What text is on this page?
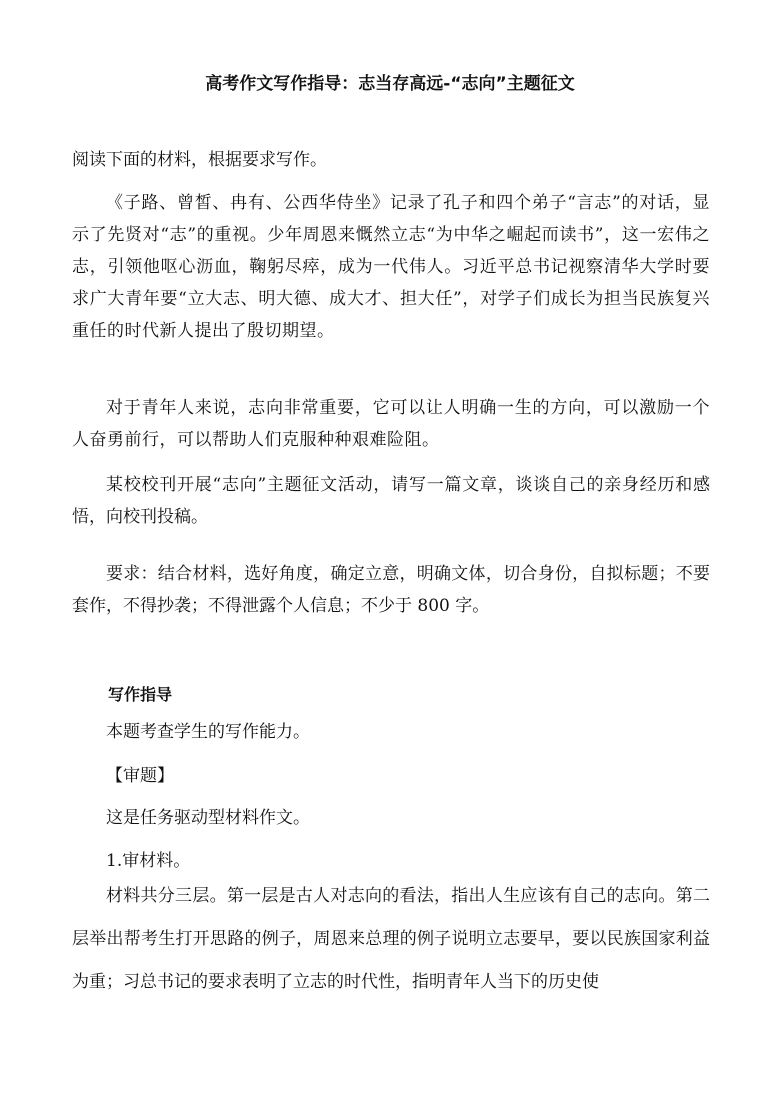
高考作文写作指导：志当存高远-“志向”主题征文
阅读下面的材料，根据要求写作。
《子路、曾皙、冉有、公西华侍坐》记录了孔子和四个弟子“言志”的对话，显示了先贤对“志”的重视。少年周恩来慨然立志“为中华之崛起而读书”，这一宏伟之志，引领他呕心沥血，鞠躬尽瘁，成为一代伟人。习近平总书记视察清华大学时要求广大青年要“立大志、明大德、成大才、担大任”，对学子们成长为担当民族复兴重任的时代新人提出了殷切期望。
对于青年人来说，志向非常重要，它可以让人明确一生的方向，可以激励一个人奋勇前行，可以帮助人们克服种种艰难险阻。
某校校刊开展“志向”主题征文活动，请写一篇文章，谈谈自己的亲身经历和感悟，向校刊投稿。
要求：结合材料，选好角度，确定立意，明确文体，切合身份，自拟标题；不要套作，不得抄袭；不得泄露个人信息；不少于 800 字。
写作指导
本题考查学生的写作能力。
【审题】
这是任务驱动型材料作文。
1.审材料。
材料共分三层。第一层是古人对志向的看法，指出人生应该有自己的志向。第二层举出帮考生打开思路的例子，周恩来总理的例子说明立志要早，要以民族国家利益为重；习总书记的要求表明了立志的时代性，指明青年人当下的历史使
